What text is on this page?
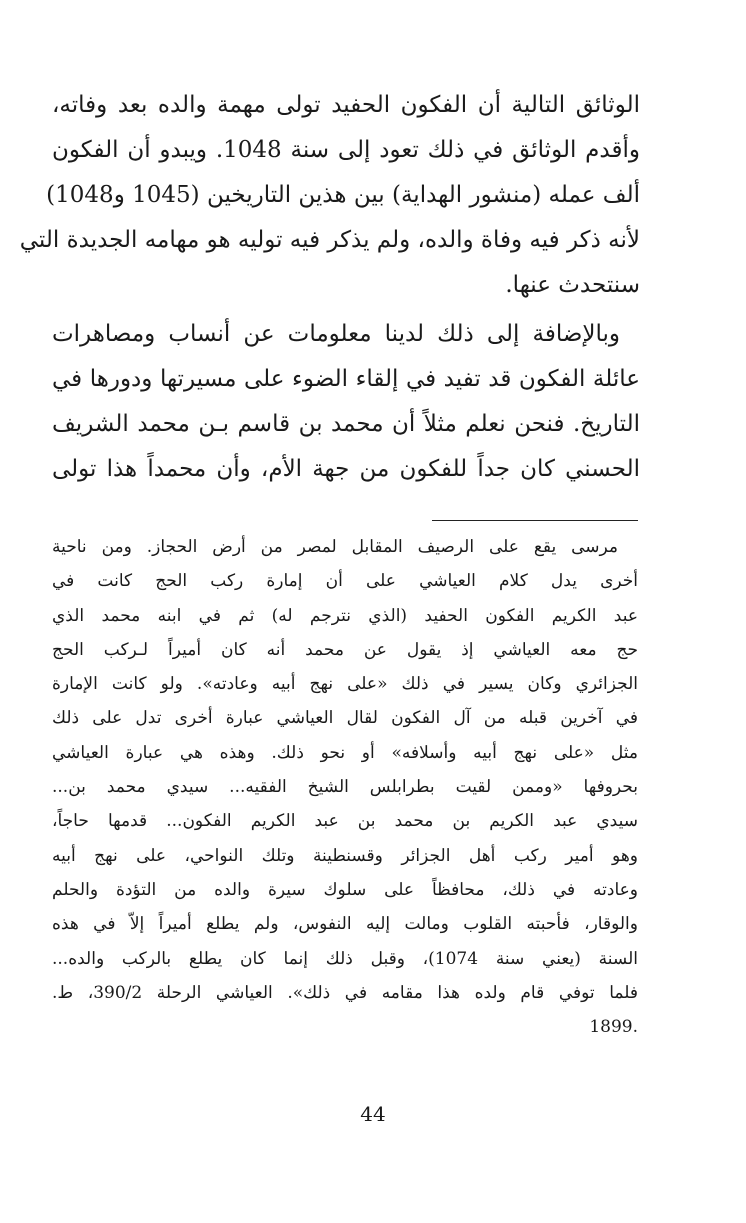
الوثائق التالية أن الفكون الحفيد تولى مهمة والده بعد وفاته،
وأقدم الوثائق في ذلك تعود إلى سنة 1048. ويبدو أن الفكون
ألف عمله (منشور الهداية) بين هذين التاريخين (1045 و1048)
لأنه ذكر فيه وفاة والده، ولم يذكر فيه توليه هو مهامه الجديدة التي
سنتحدث عنها.
وبالإضافة إلى ذلك لدينا معلومات عن أنساب ومصاهرات
عائلة الفكون قد تفيد في إلقاء الضوء على مسيرتها ودورها في
التاريخ. فنحن نعلم مثلاً أن محمد بن قاسم بـن محمد الشريف
الحسني كان جداً للفكون من جهة الأم، وأن محمداً هذا تولى
مرسى يقع على الرصيف المقابل لمصر من أرض الحجاز. ومن ناحية
أخرى يدل كلام العياشي على أن إمارة ركب الحج كانت في
عبد الكريم الفكون الحفيد (الذي نترجم له) ثم في ابنه محمد الذي
حج معه العياشي إذ يقول عن محمد أنه كان أميراً لـركب الحج
الجزائري وكان يسير في ذلك «على نهج أبيه وعادته». ولو كانت الإمارة
في آخرين قبله من آل الفكون لقال العياشي عبارة أخرى تدل على ذلك
مثل «على نهج أبيه وأسلافه» أو نحو ذلك. وهذه هي عبارة العياشي
بحروفها «وممن لقيت بطرابلس الشيخ الفقيه... سيدي محمد بن...
سيدي عبد الكريم بن محمد بن عبد الكريم الفكون... قدمها حاجاً،
وهو أمير ركب أهل الجزائر وقسنطينة وتلك النواحي، على نهج أبيه
وعادته في ذلك، محافظاً على سلوك سيرة والده من التؤدة والحلم
والوقار، فأحبته القلوب ومالت إليه النفوس، ولم يطلع أميراً إلاّ في هذه
السنة (يعني سنة 1074)، وقبل ذلك إنما كان يطلع بالركب والده...
فلما توفي قام ولده هذا مقامه في ذلك». العياشي الرحلة 390/2، ط.
.1899
44
